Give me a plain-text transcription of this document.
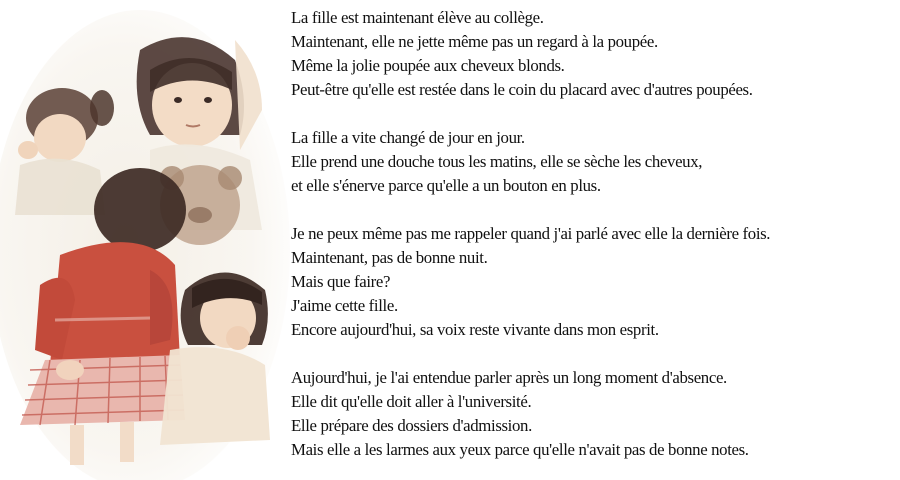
La fille est maintenant élève au collège.
Maintenant, elle ne jette même pas un regard à la poupée.
Même la jolie poupée aux cheveux blonds.
Peut-être qu'elle est restée dans le coin du placard avec d'autres poupées.

La fille a vite changé de jour en jour.
Elle prend une douche tous les matins, elle se sèche les cheveux,
et elle s'énerve parce qu'elle a un bouton en plus.

Je ne peux même pas me rappeler quand j'ai parlé avec elle la dernière fois.
Maintenant, pas de bonne nuit.
Mais que faire?
J'aime cette fille.
Encore aujourd'hui, sa voix reste vivante dans mon esprit.

Aujourd'hui, je l'ai entendue parler après un long moment d'absence.
Elle dit qu'elle doit aller à l'université.
Elle prépare des dossiers d'admission.
Mais elle a les larmes aux yeux parce qu'elle n'avait pas de bonne notes.
